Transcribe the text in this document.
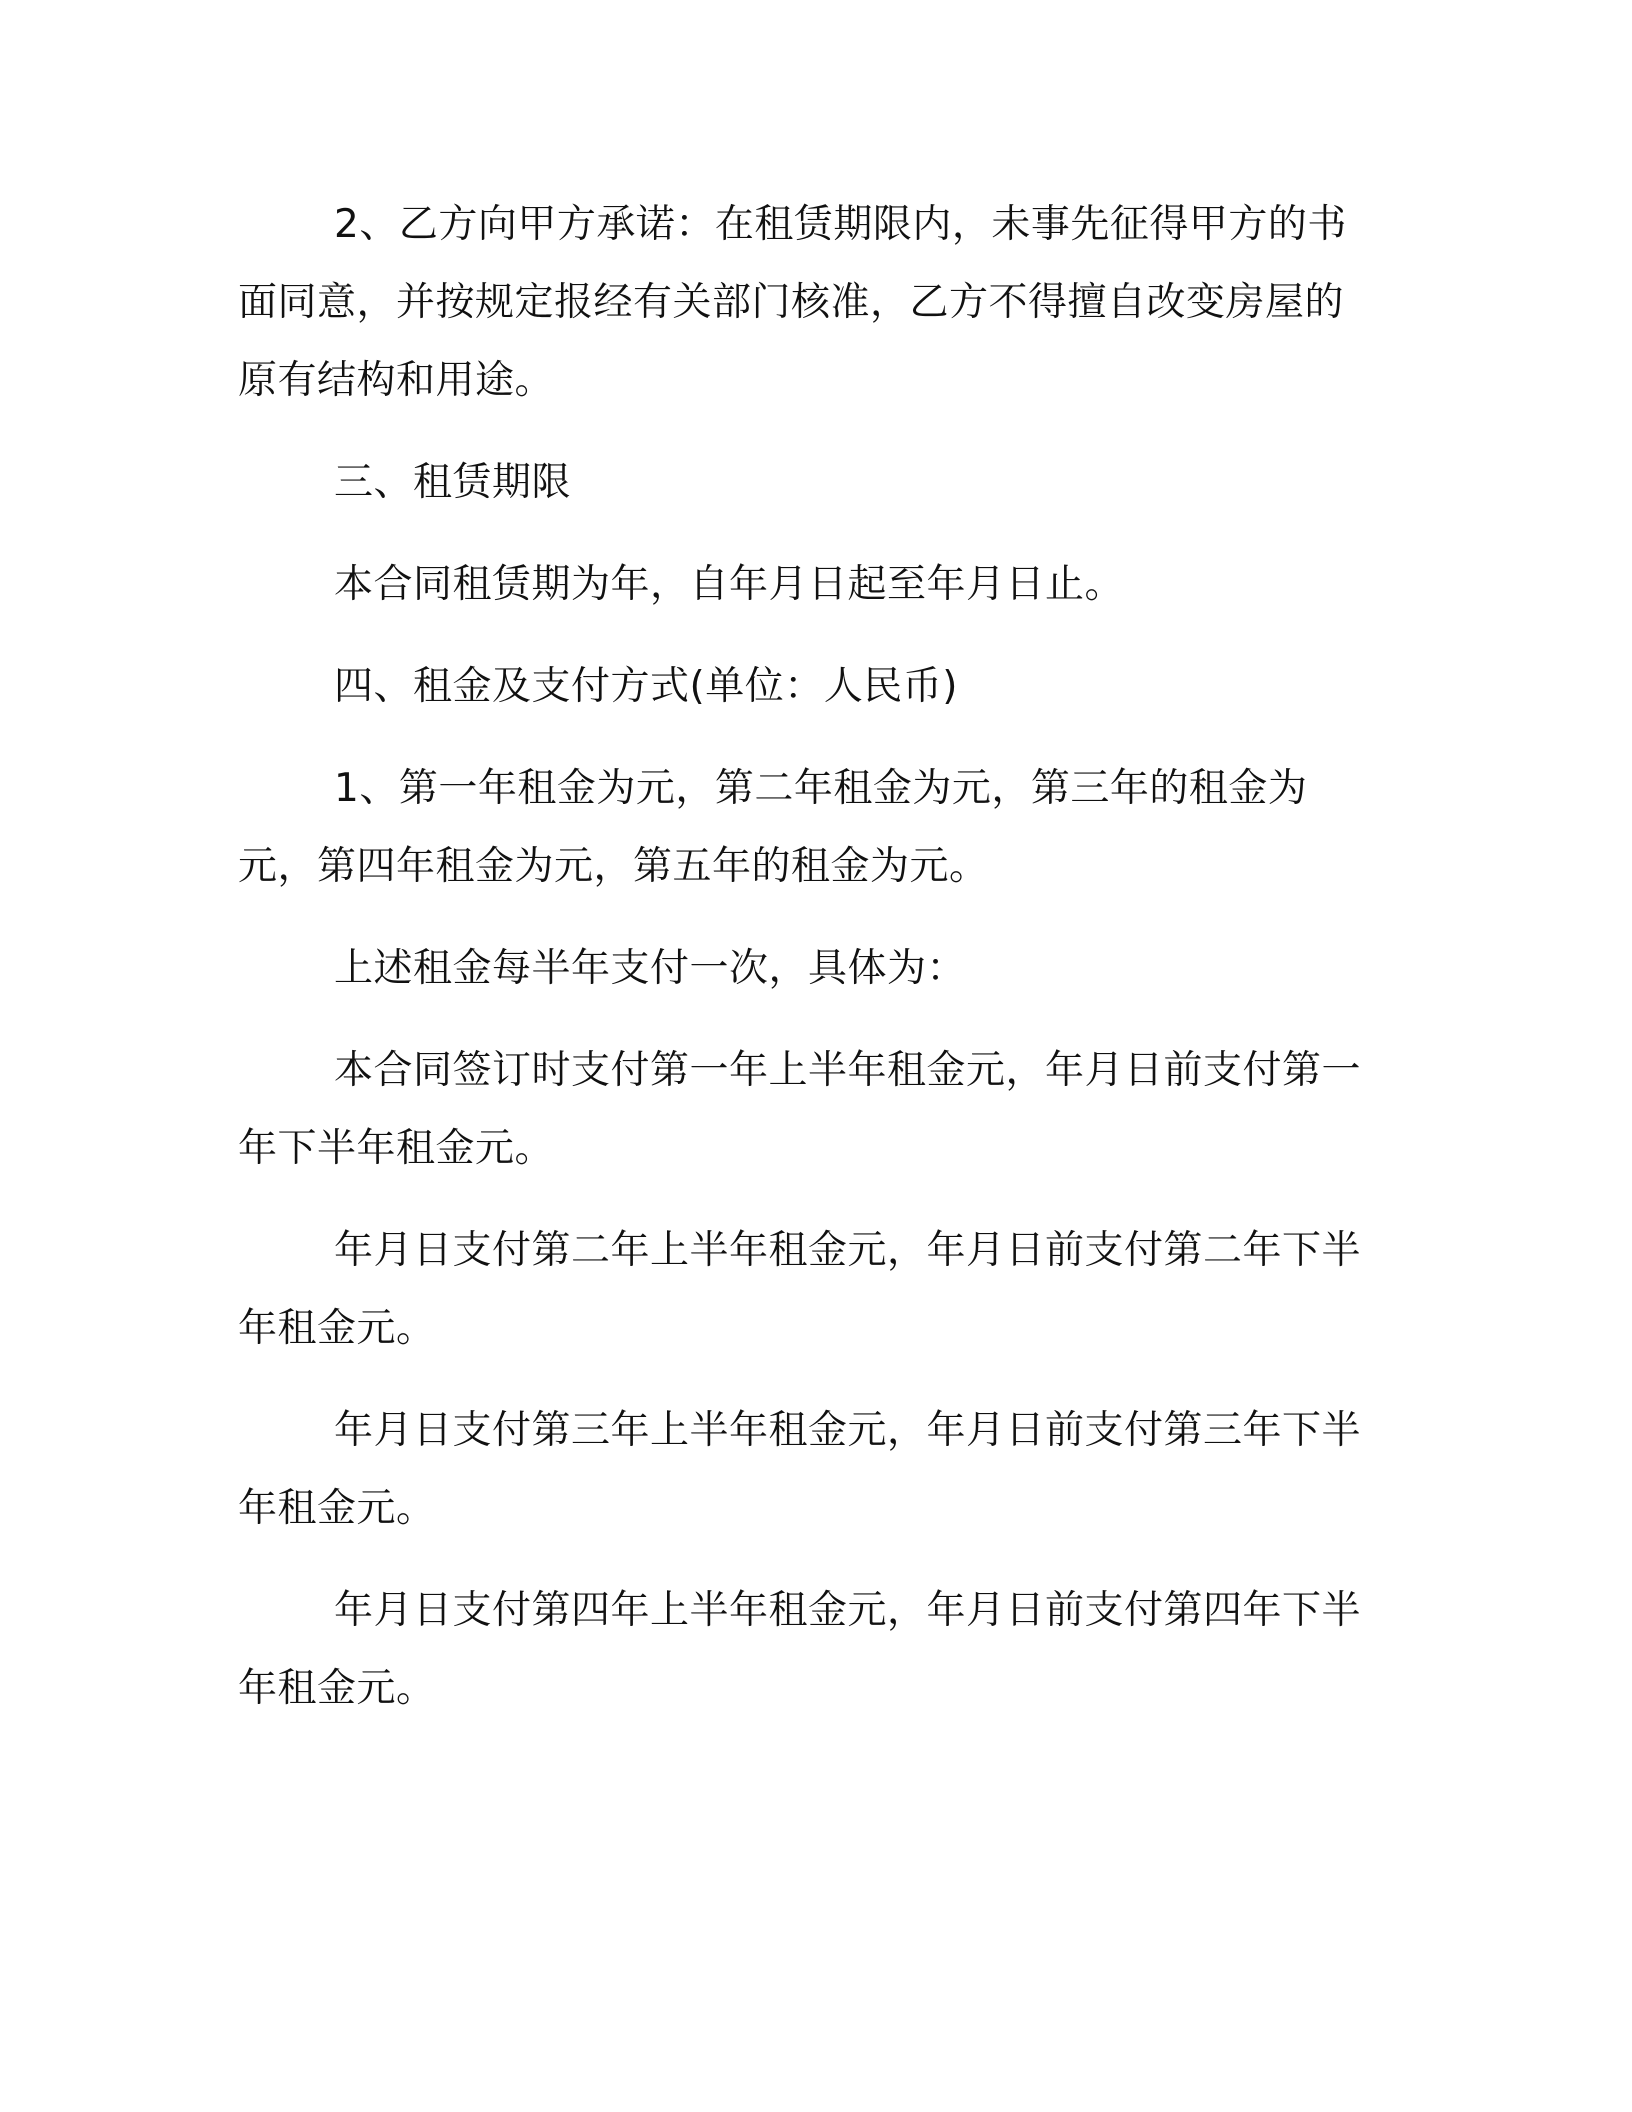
2、乙方向甲方承诺：在租赁期限内，未事先征得甲方的书面同意，并按规定报经有关部门核准，乙方不得擅自改变房屋的原有结构和用途。

三、租赁期限

本合同租赁期为年，自年月日起至年月日止。

四、租金及支付方式(单位：人民币)

1、第一年租金为元，第二年租金为元，第三年的租金为元，第四年租金为元，第五年的租金为元。

上述租金每半年支付一次，具体为：

本合同签订时支付第一年上半年租金元，年月日前支付第一年下半年租金元。

年月日支付第二年上半年租金元，年月日前支付第二年下半年租金元。

年月日支付第三年上半年租金元，年月日前支付第三年下半年租金元。

年月日支付第四年上半年租金元，年月日前支付第四年下半年租金元。
